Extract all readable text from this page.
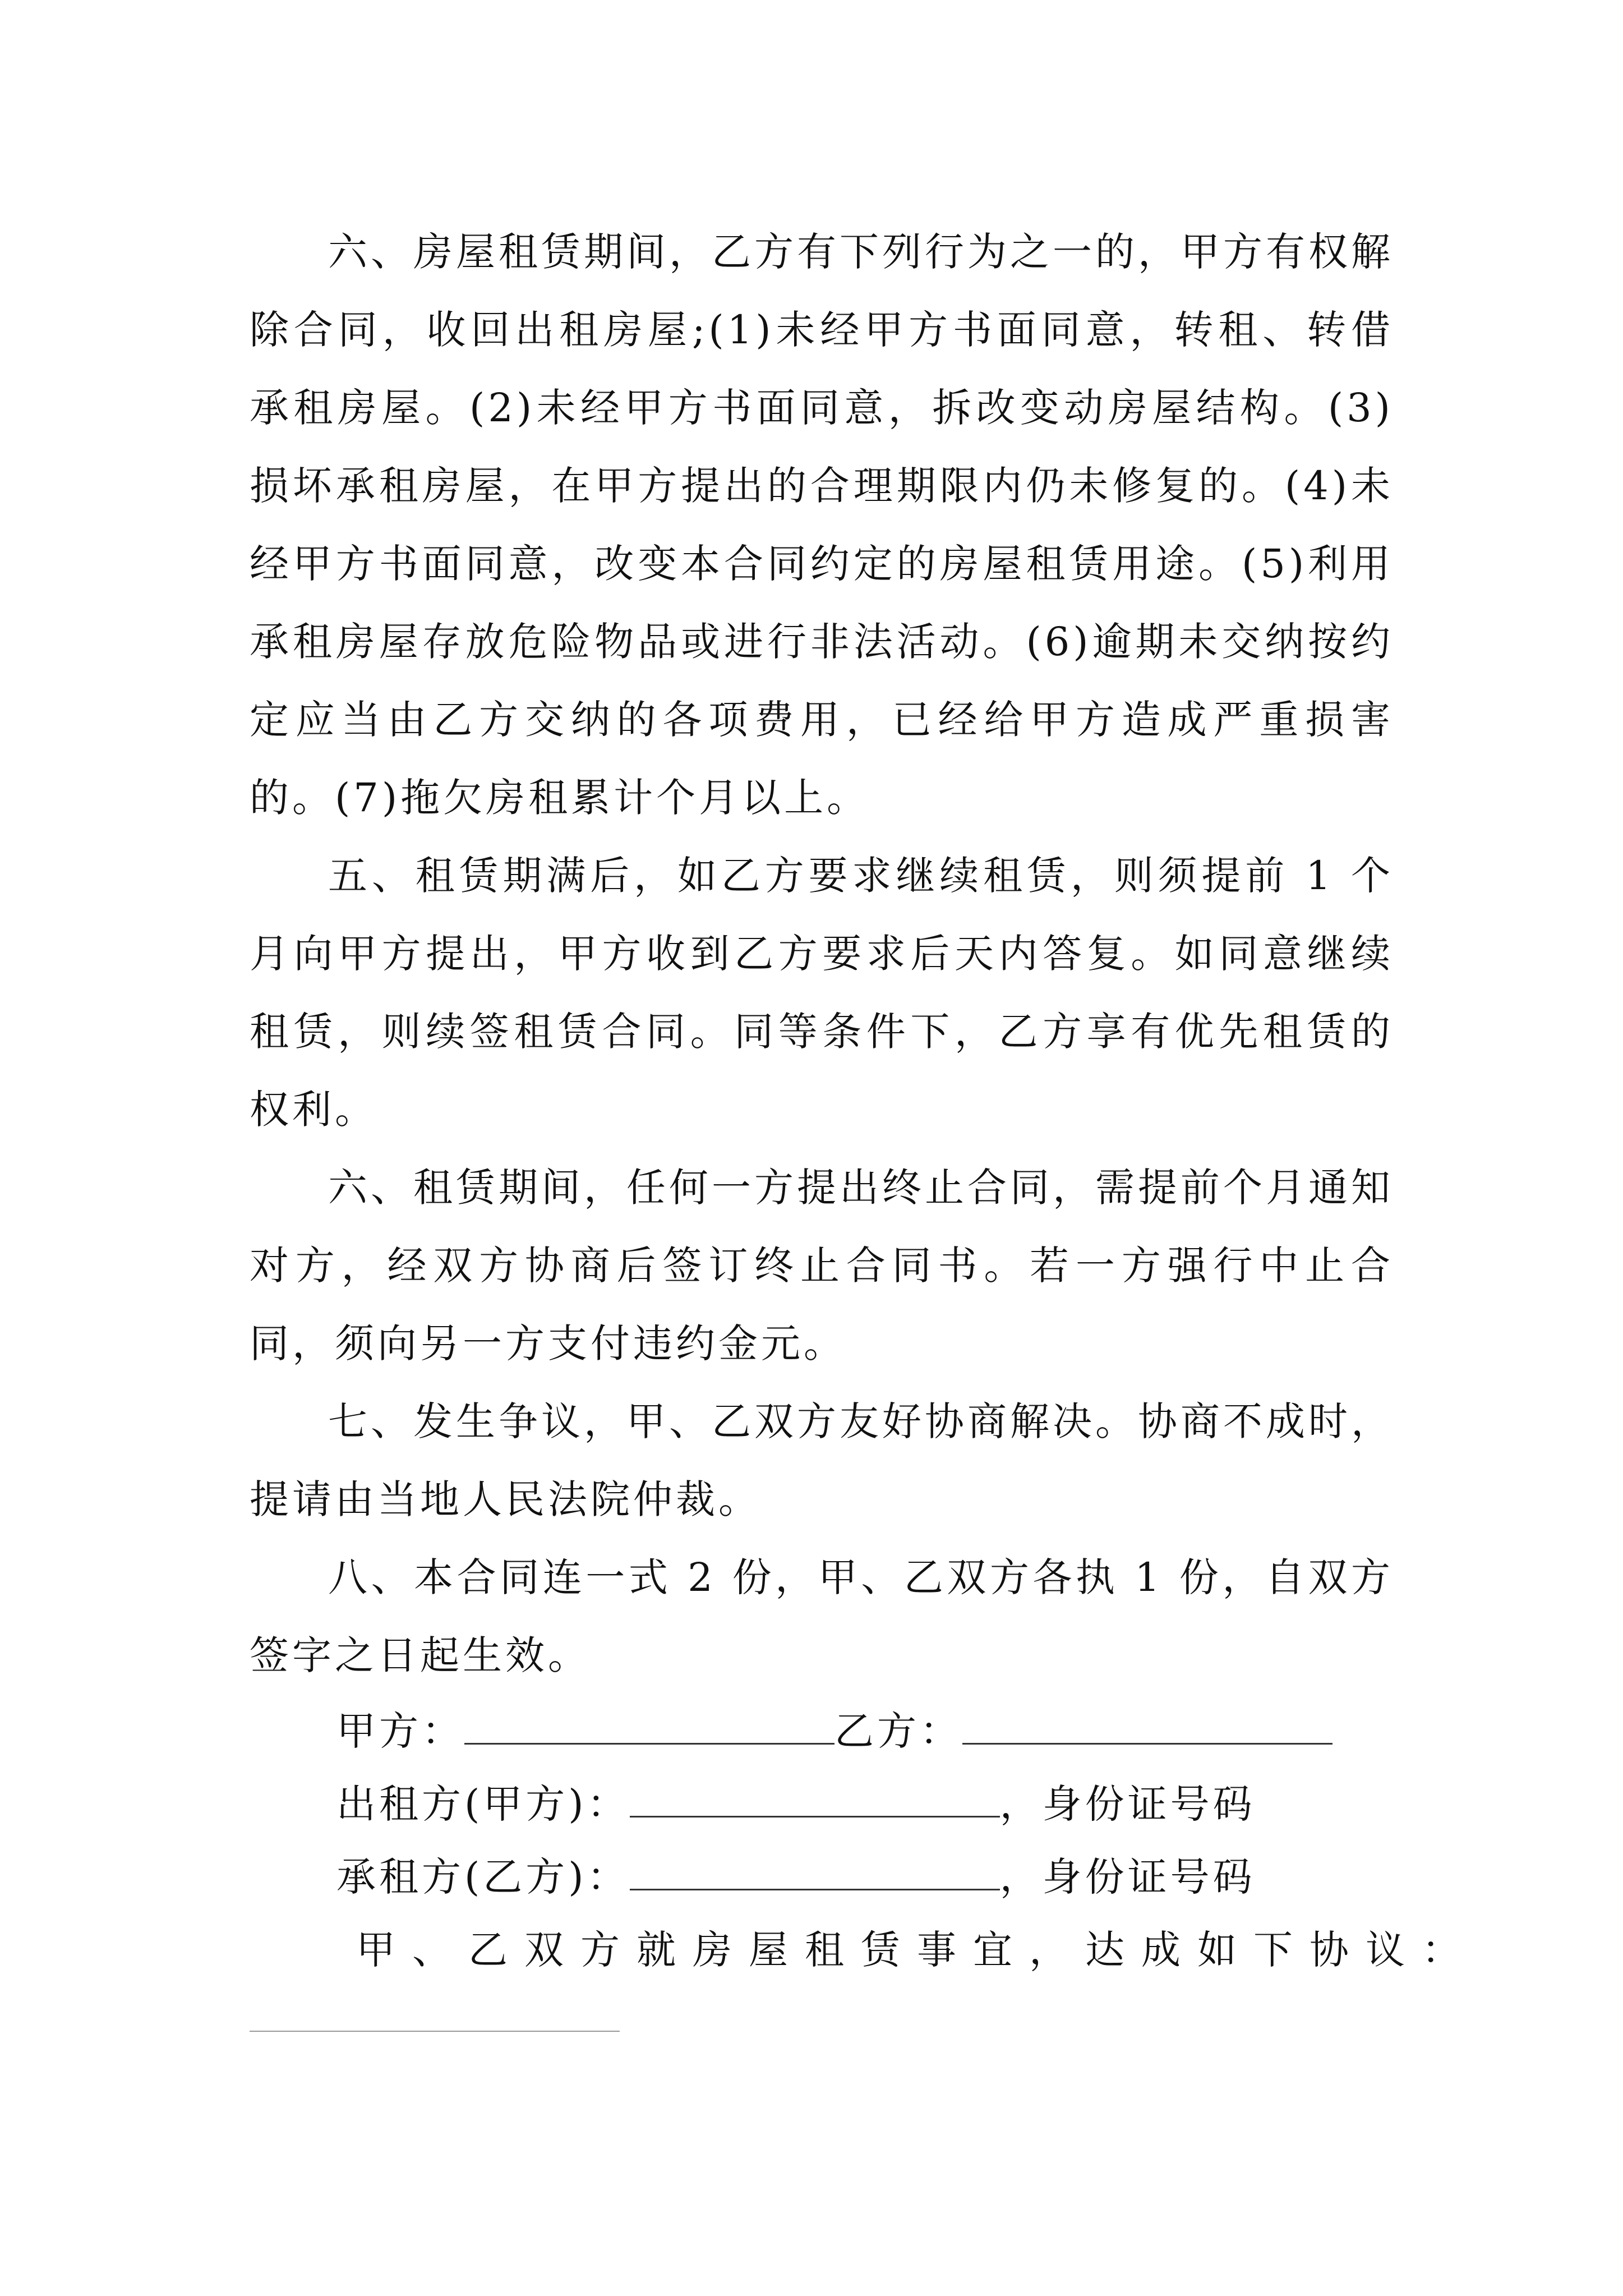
六、房屋租赁期间，乙方有下列行为之一的，甲方有权解除合同，收回出租房屋;(1)未经甲方书面同意，转租、转借承租房屋。(2)未经甲方书面同意，拆改变动房屋结构。(3)损坏承租房屋，在甲方提出的合理期限内仍未修复的。(4)未经甲方书面同意，改变本合同约定的房屋租赁用途。(5)利用承租房屋存放危险物品或进行非法活动。(6)逾期未交纳按约定应当由乙方交纳的各项费用，已经给甲方造成严重损害的。(7)拖欠房租累计个月以上。

五、租赁期满后，如乙方要求继续租赁，则须提前 1 个月向甲方提出，甲方收到乙方要求后天内答复。如同意继续租赁，则续签租赁合同。同等条件下，乙方享有优先租赁的权利。

六、租赁期间，任何一方提出终止合同，需提前个月通知对方，经双方协商后签订终止合同书。若一方强行中止合同，须向另一方支付违约金元。

七、发生争议，甲、乙双方友好协商解决。协商不成时，提请由当地人民法院仲裁。

八、本合同连一式 2 份，甲、乙双方各执 1 份，自双方签字之日起生效。

甲方：	乙方：
出租方(甲方)：	，身份证号码
承租方(乙方)：	，身份证号码
甲、乙双方就房屋租赁事宜，达成如下协议：
